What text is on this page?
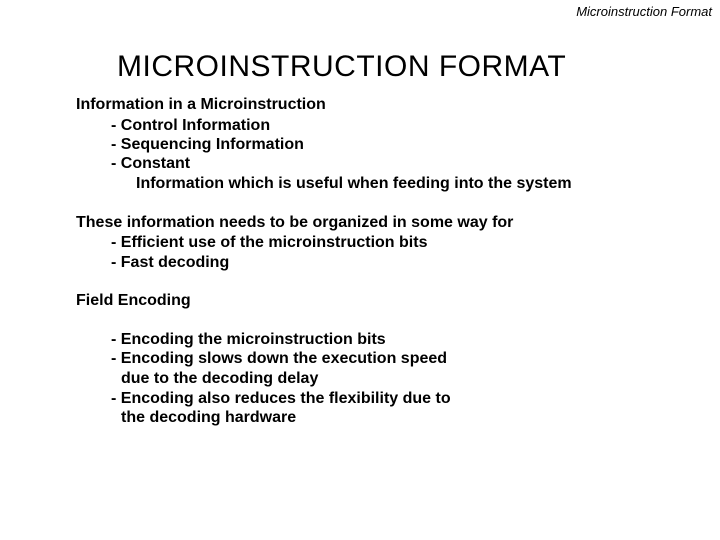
Microinstruction Format
MICROINSTRUCTION FORMAT
Information in a Microinstruction
- Control Information
- Sequencing Information
- Constant
Information which is useful when feeding into the system
These information needs to be organized in some way for
- Efficient use of the microinstruction bits
- Fast decoding
Field Encoding
- Encoding the microinstruction bits
- Encoding slows down the execution speed
due to the decoding delay
- Encoding also reduces the flexibility due to
the decoding hardware
